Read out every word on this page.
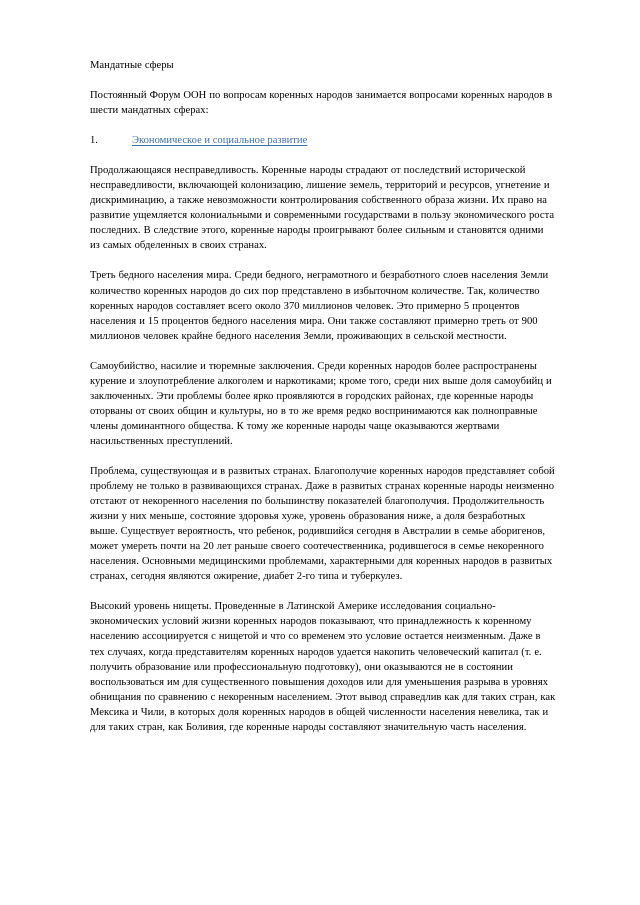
Мандатные сферы

Постоянный Форум ООН по вопросам коренных народов занимается вопросами коренных народов в шести мандатных сферах:

1.	Экономическое и социальное развитие

Продолжающаяся несправедливость. Коренные народы страдают от последствий исторической несправедливости, включающей колонизацию, лишение земель, территорий и ресурсов, угнетение и дискриминацию, а также невозможности контролирования собственного образа жизни. Их право на развитие ущемляется колониальными и современными государствами в пользу экономического роста последних. В следствие этого, коренные народы проигрывают более сильным и становятся одними из самых обделенных в своих странах.

Треть бедного населения мира. Среди бедного, неграмотного и безработного слоев населения Земли количество коренных народов до сих пор представлено в избыточном количестве. Так, количество коренных народов составляет всего около 370 миллионов человек. Это примерно 5 процентов населения и 15 процентов бедного населения мира. Они также составляют примерно треть от 900 миллионов человек крайне бедного населения Земли, проживающих в сельской местности.

Самоубийство, насилие и тюремные заключения. Среди коренных народов более распространены курение и злоупотребление алкоголем и наркотиками; кроме того, среди них выше доля самоубийц и заключенных. Эти проблемы более ярко проявляются в городских районах, где коренные народы оторваны от своих общин и культуры, но в то же время редко воспринимаются как полноправные члены доминантного общества. К тому же коренные народы чаще оказываются жертвами насильственных преступлений.

Проблема, существующая и в развитых странах. Благополучие коренных народов представляет собой проблему не только в развивающихся странах. Даже в развитых странах коренные народы неизменно отстают от некоренного населения по большинству показателей благополучия. Продолжительность жизни у них меньше, состояние здоровья хуже, уровень образования ниже, а доля безработных выше. Существует вероятность, что ребенок, родившийся сегодня в Австралии в семье аборигенов, может умереть почти на 20 лет раньше своего соотечественника, родившегося в семье некоренного населения. Основными медицинскими проблемами, характерными для коренных народов в развитых странах, сегодня являются ожирение, диабет 2-го типа и туберкулез.

Высокий уровень нищеты. Проведенные в Латинской Америке исследования социально-экономических условий жизни коренных народов показывают, что принадлежность к коренному населению ассоциируется с нищетой и что со временем это условие остается неизменным. Даже в тех случаях, когда представителям коренных народов удается накопить человеческий капитал (т. е. получить образование или профессиональную подготовку), они оказываются не в состоянии воспользоваться им для существенного повышения доходов или для уменьшения разрыва в уровнях обнищания по сравнению с некоренным населением. Этот вывод справедлив как для таких стран, как Мексика и Чили, в которых доля коренных народов в общей численности населения невелика, так и для таких стран, как Боливия, где коренные народы составляют значительную часть населения.
